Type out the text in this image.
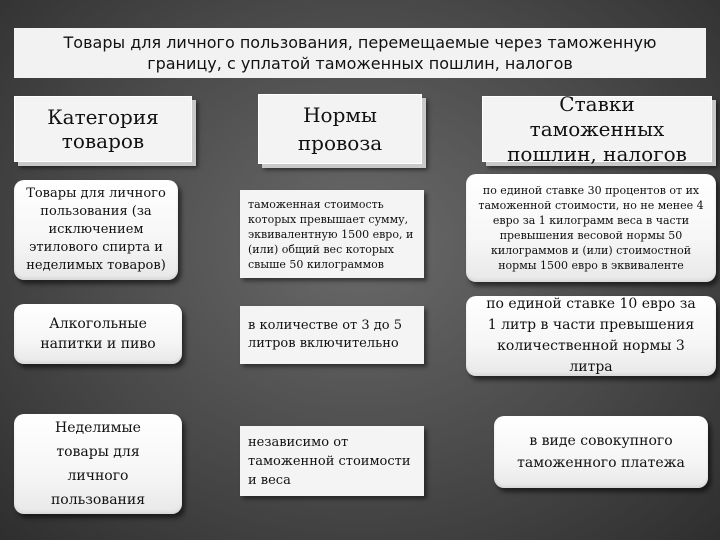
Товары для личного пользования, перемещаемые через таможенную границу, с уплатой таможенных пошлин, налогов
Категория товаров
Нормы провоза
Ставки таможенных пошлин, налогов
Товары для личного пользования (за исключением этилового спирта и неделимых товаров)
таможенная стоимость которых превышает сумму, эквивалентную 1500 евро, и (или) общий вес которых свыше 50 килограммов
по единой ставке 30 процентов от их таможенной стоимости, но не менее 4 евро за 1 килограмм веса в части превышения весовой нормы 50 килограммов и (или) стоимостной нормы 1500 евро в эквиваленте
Алкогольные напитки и пиво
в количестве от 3 до 5 литров включительно
по единой ставке 10 евро за 1 литр в части превышения количественной нормы 3 литра
Неделимые товары для личного пользования
независимо от таможенной стоимости и веса
в виде совокупного таможенного платежа
